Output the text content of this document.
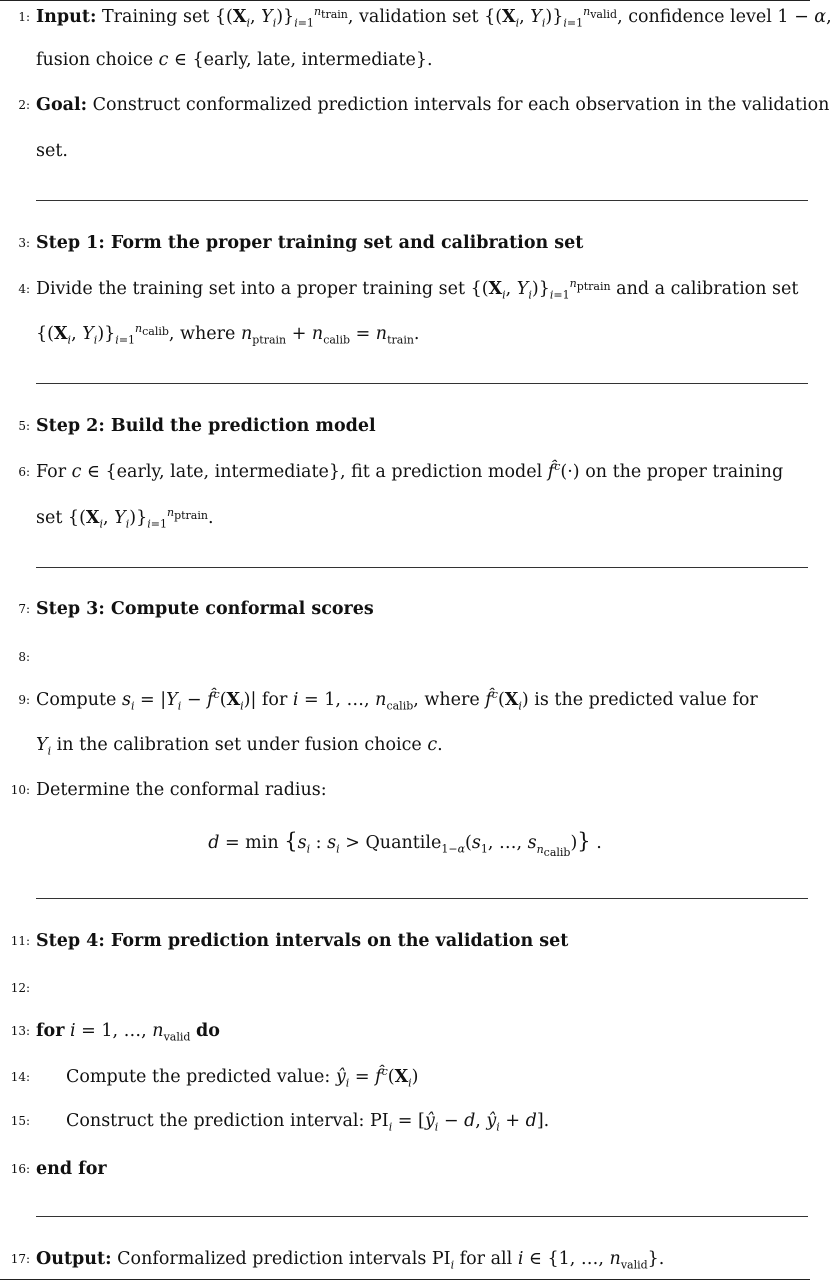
1: Input: Training set {($X_i$, $Y_i)\}_{i=1}^{n_{train}}$, validation set {($X_i$, $Y_i)\}_{i=1}^{n_{valid}}$, confidence level 1 − α,
fusion choice c ∈ {early, late, intermediate}.
2: Goal: Construct conformalized prediction intervals for each observation in the validation
set.
3: Step 1: Form the proper training set and calibration set
4: Divide the training set into a proper training set {($X_i$, $Y_i)\}_{i=1}^{n_{ptrain}}$ and a calibration set
{($X_i$, $Y_i)\}_{i=1}^{n_{calib}}$, where $n_{ptrain} + n_{calib} = n_{train}$.
5: Step 2: Build the prediction model
6: For c ∈ {early, late, intermediate}, fit a prediction model f̂$^c$(·) on the proper training
set {($X_i$, $Y_i)\}_{i=1}^{n_{ptrain}}$.
7: Step 3: Compute conformal scores
8:
9: Compute $s_i = |Y_i$ − $f̂^c(X_i)|$ for i = 1, …, $n_{calib}$, where $f̂^c(X_i)$ is the predicted value for
$Y_i$ in the calibration set under fusion choice c.
10: Determine the conformal radius:
$d = \min \{s_i$ : $s_i$ > $Quantile_{1-\alpha}(s_1$, …, $s_{n_{calib}}$)} .
11: Step 4: Form prediction intervals on the validation set
12:
13: for i = 1, …, $n_{valid}$ do
14: Compute the predicted value: $ŷ_i$ = $f̂^c(X_i)$
15: Construct the prediction interval: $PI_i$ = [$ŷ_i - d$, $ŷ_i + d$].
16: end for
17: Output: Conformalized prediction intervals $PI_i$ for all i ∈ {1, …, $n_{valid}$}.
